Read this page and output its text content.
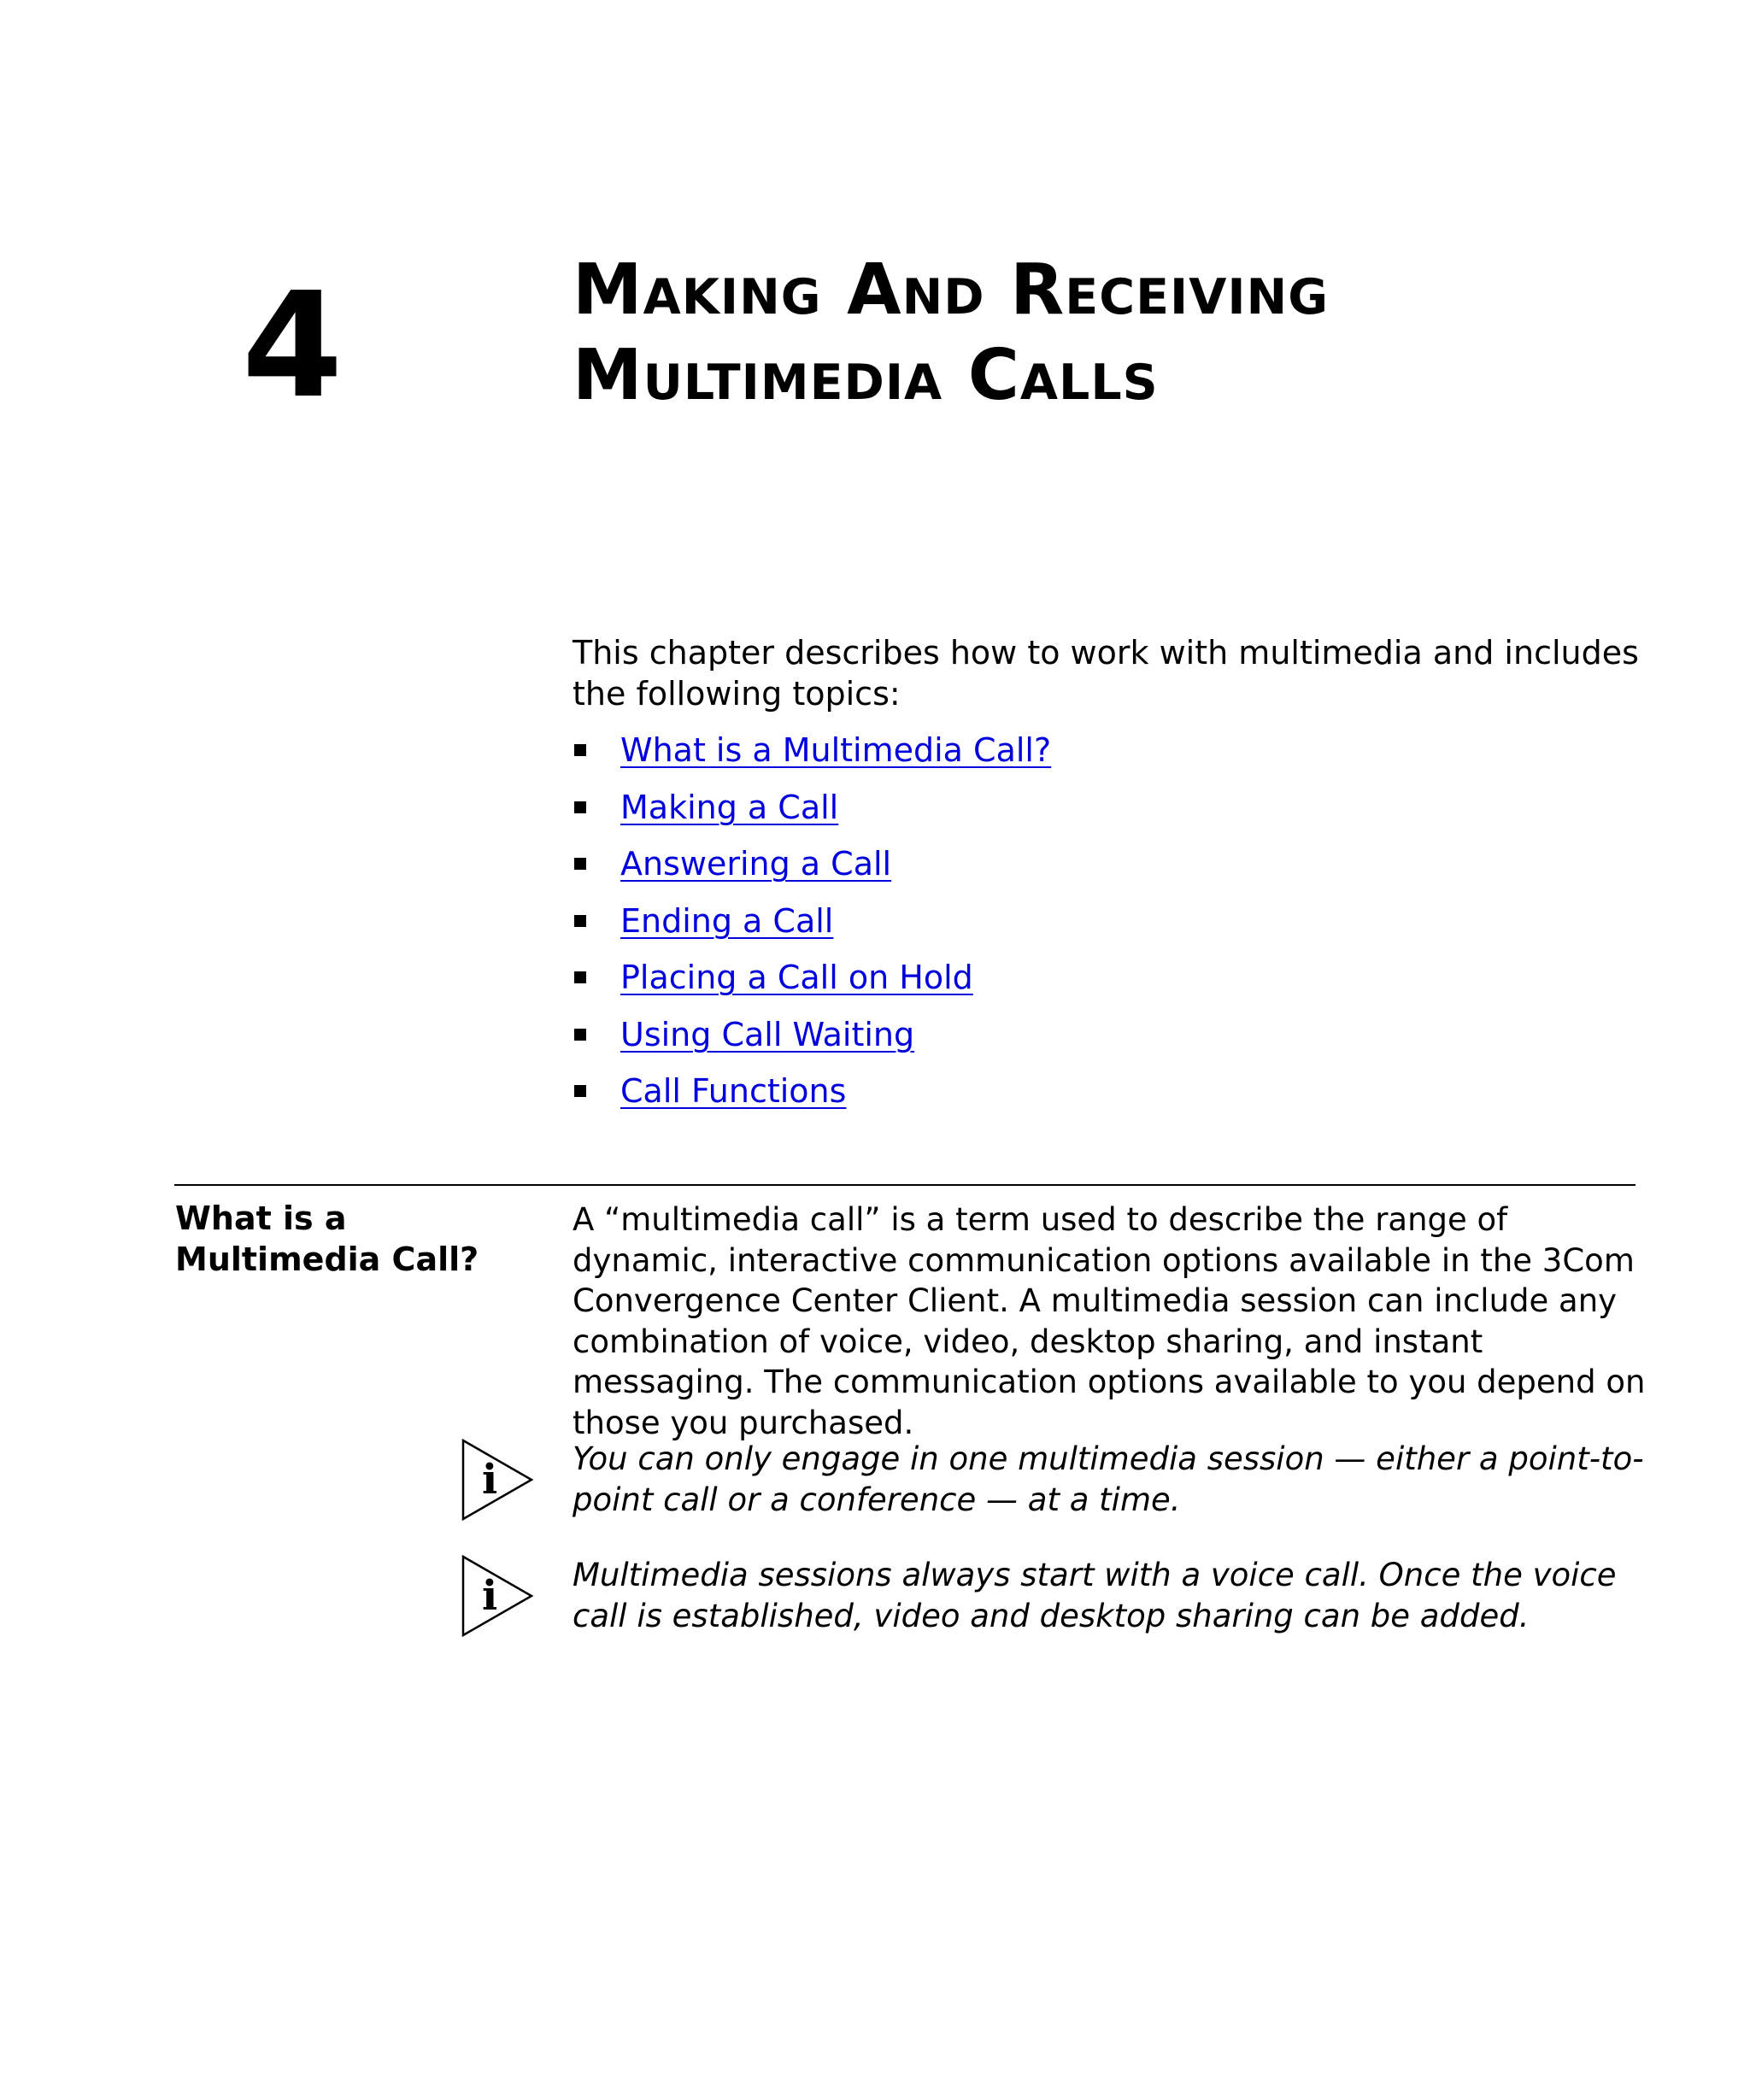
4	Making And Receiving
Multimedia Calls

This chapter describes how to work with multimedia and includes the following topics:

What is a Multimedia Call?
Making a Call
Answering a Call
Ending a Call
Placing a Call on Hold
Using Call Waiting
Call Functions
What is a Multimedia Call?

A “multimedia call” is a term used to describe the range of dynamic, interactive communication options available in the 3Com Convergence Center Client. A multimedia session can include any combination of voice, video, desktop sharing, and instant messaging. The communication options available to you depend on those you purchased.

i You can only engage in one multimedia session — either a point-to-point call or a conference — at a time.

i Multimedia sessions always start with a voice call. Once the voice call is established, video and desktop sharing can be added.
